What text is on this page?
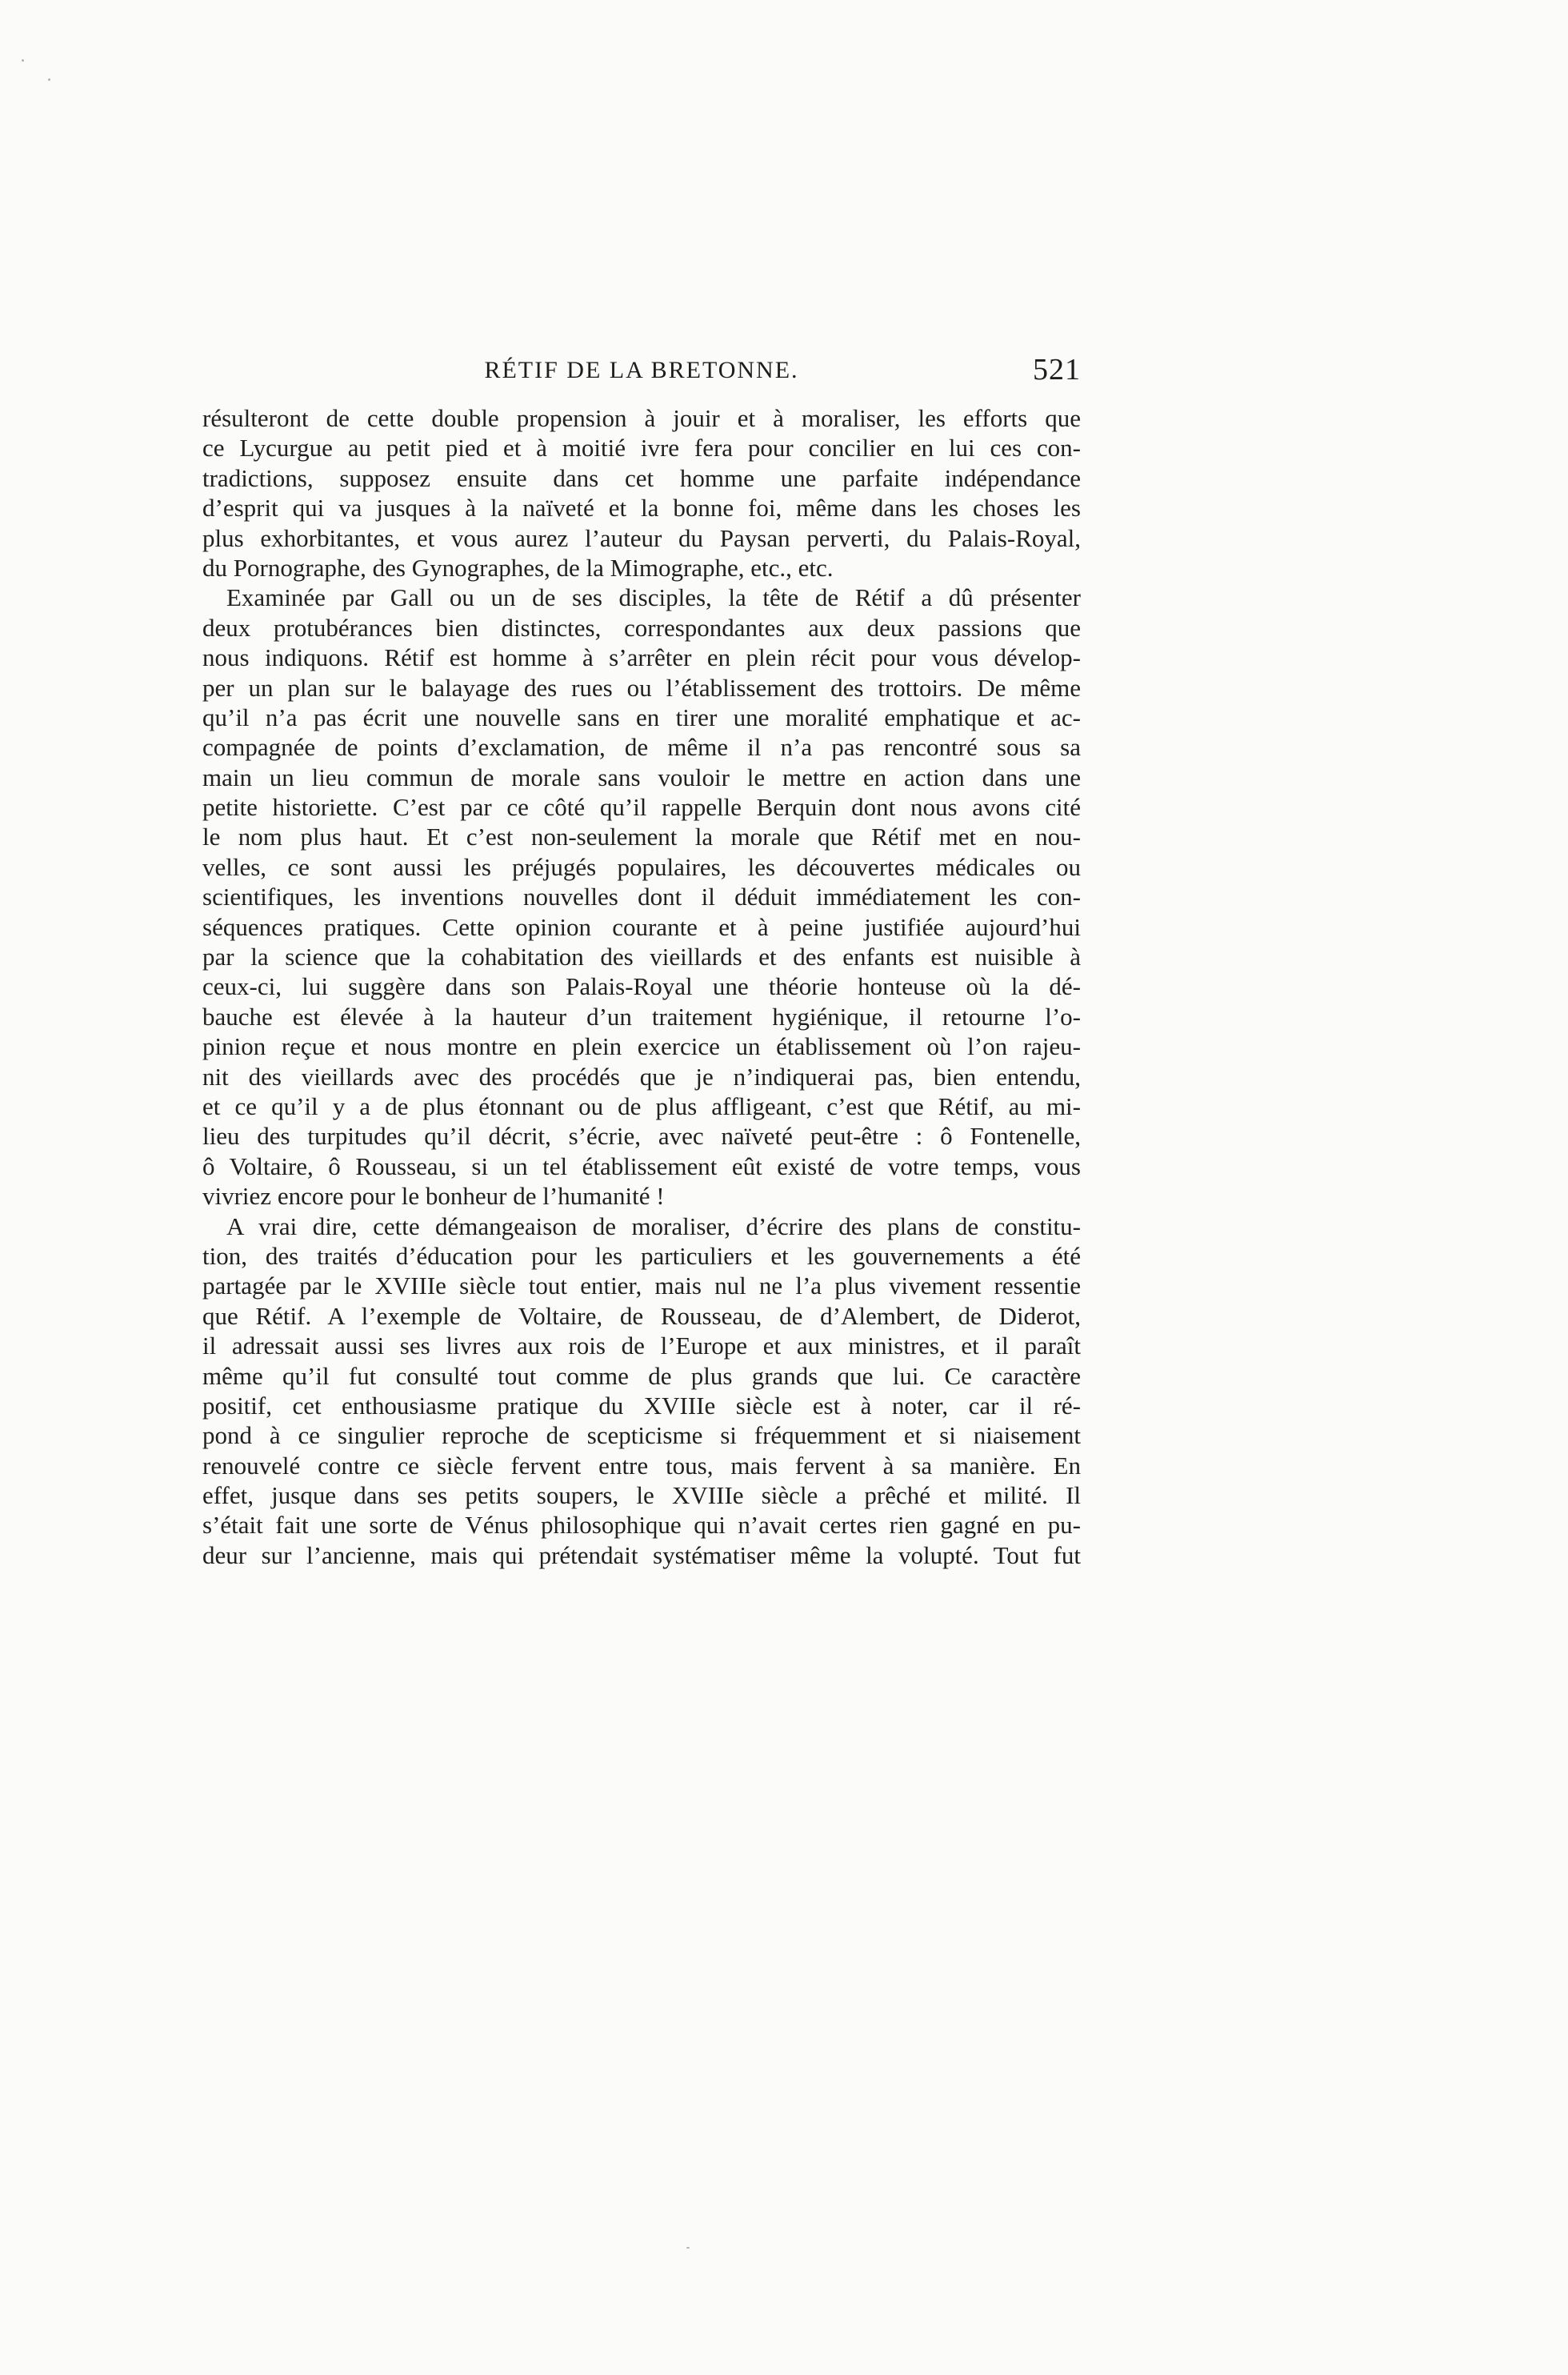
RÉTIF DE LA BRETONNE.	521
résulteront de cette double propension à jouir et à moraliser, les efforts que
ce Lycurgue au petit pied et à moitié ivre fera pour concilier en lui ces con-
tradictions, supposez ensuite dans cet homme une parfaite indépendance
d’esprit qui va jusques à la naïveté et la bonne foi, même dans les choses les
plus exhorbitantes, et vous aurez l’auteur du Paysan perverti, du Palais-Royal,
du Pornographe, des Gynographes, de la Mimographe, etc., etc.
Examinée par Gall ou un de ses disciples, la tête de Rétif a dû présenter
deux protubérances bien distinctes, correspondantes aux deux passions que
nous indiquons. Rétif est homme à s’arrêter en plein récit pour vous dévelop-
per un plan sur le balayage des rues ou l’établissement des trottoirs. De même
qu’il n’a pas écrit une nouvelle sans en tirer une moralité emphatique et ac-
compagnée de points d’exclamation, de même il n’a pas rencontré sous sa
main un lieu commun de morale sans vouloir le mettre en action dans une
petite historiette. C’est par ce côté qu’il rappelle Berquin dont nous avons cité
le nom plus haut. Et c’est non-seulement la morale que Rétif met en nou-
velles, ce sont aussi les préjugés populaires, les découvertes médicales ou
scientifiques, les inventions nouvelles dont il déduit immédiatement les con-
séquences pratiques. Cette opinion courante et à peine justifiée aujourd’hui
par la science que la cohabitation des vieillards et des enfants est nuisible à
ceux-ci, lui suggère dans son Palais-Royal une théorie honteuse où la dé-
bauche est élevée à la hauteur d’un traitement hygiénique, il retourne l’o-
pinion reçue et nous montre en plein exercice un établissement où l’on rajeu-
nit des vieillards avec des procédés que je n’indiquerai pas, bien entendu,
et ce qu’il y a de plus étonnant ou de plus affligeant, c’est que Rétif, au mi-
lieu des turpitudes qu’il décrit, s’écrie, avec naïveté peut-être : ô Fontenelle,
ô Voltaire, ô Rousseau, si un tel établissement eût existé de votre temps, vous
vivriez encore pour le bonheur de l’humanité !
A vrai dire, cette démangeaison de moraliser, d’écrire des plans de constitu-
tion, des traités d’éducation pour les particuliers et les gouvernements a été
partagée par le XVIIIe siècle tout entier, mais nul ne l’a plus vivement ressentie
que Rétif. A l’exemple de Voltaire, de Rousseau, de d’Alembert, de Diderot,
il adressait aussi ses livres aux rois de l’Europe et aux ministres, et il paraît
même qu’il fut consulté tout comme de plus grands que lui. Ce caractère
positif, cet enthousiasme pratique du XVIIIe siècle est à noter, car il ré-
pond à ce singulier reproche de scepticisme si fréquemment et si niaisement
renouvelé contre ce siècle fervent entre tous, mais fervent à sa manière. En
effet, jusque dans ses petits soupers, le XVIIIe siècle a prêché et milité. Il
s’était fait une sorte de Vénus philosophique qui n’avait certes rien gagné en pu-
deur sur l’ancienne, mais qui prétendait systématiser même la volupté. Tout fut
